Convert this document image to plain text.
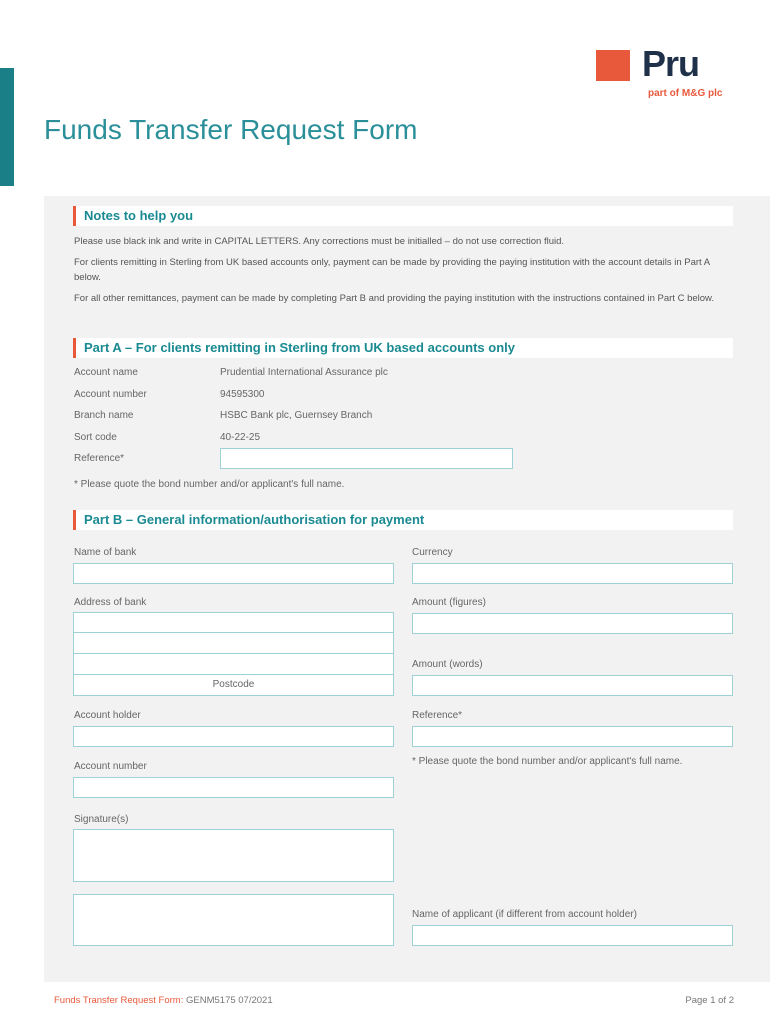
Pru
part of M&G plc
Funds Transfer Request Form
Notes to help you

Please use black ink and write in CAPITAL LETTERS. Any corrections must be initialled – do not use correction fluid.

For clients remitting in Sterling from UK based accounts only, payment can be made by providing the paying institution with the account details in Part A below.

For all other remittances, payment can be made by completing Part B and providing the paying institution with the instructions contained in Part C below.

Part A – For clients remitting in Sterling from UK based accounts only
Account name	Prudential International Assurance plc
Account number	94595300
Branch name	HSBC Bank plc, Guernsey Branch
Sort code	40-22-25
Reference*
* Please quote the bond number and/or applicant's full name.
Part B – General information/authorisation for payment
Name of bank
Address of bank
Postcode
Account holder
Account number
Signature(s)
Currency
Amount (figures)
Amount (words)
Reference*
* Please quote the bond number and/or applicant's full name.
Name of applicant (if different from account holder)
Funds Transfer Request Form: GENM5175 07/2021	Page 1 of 2
